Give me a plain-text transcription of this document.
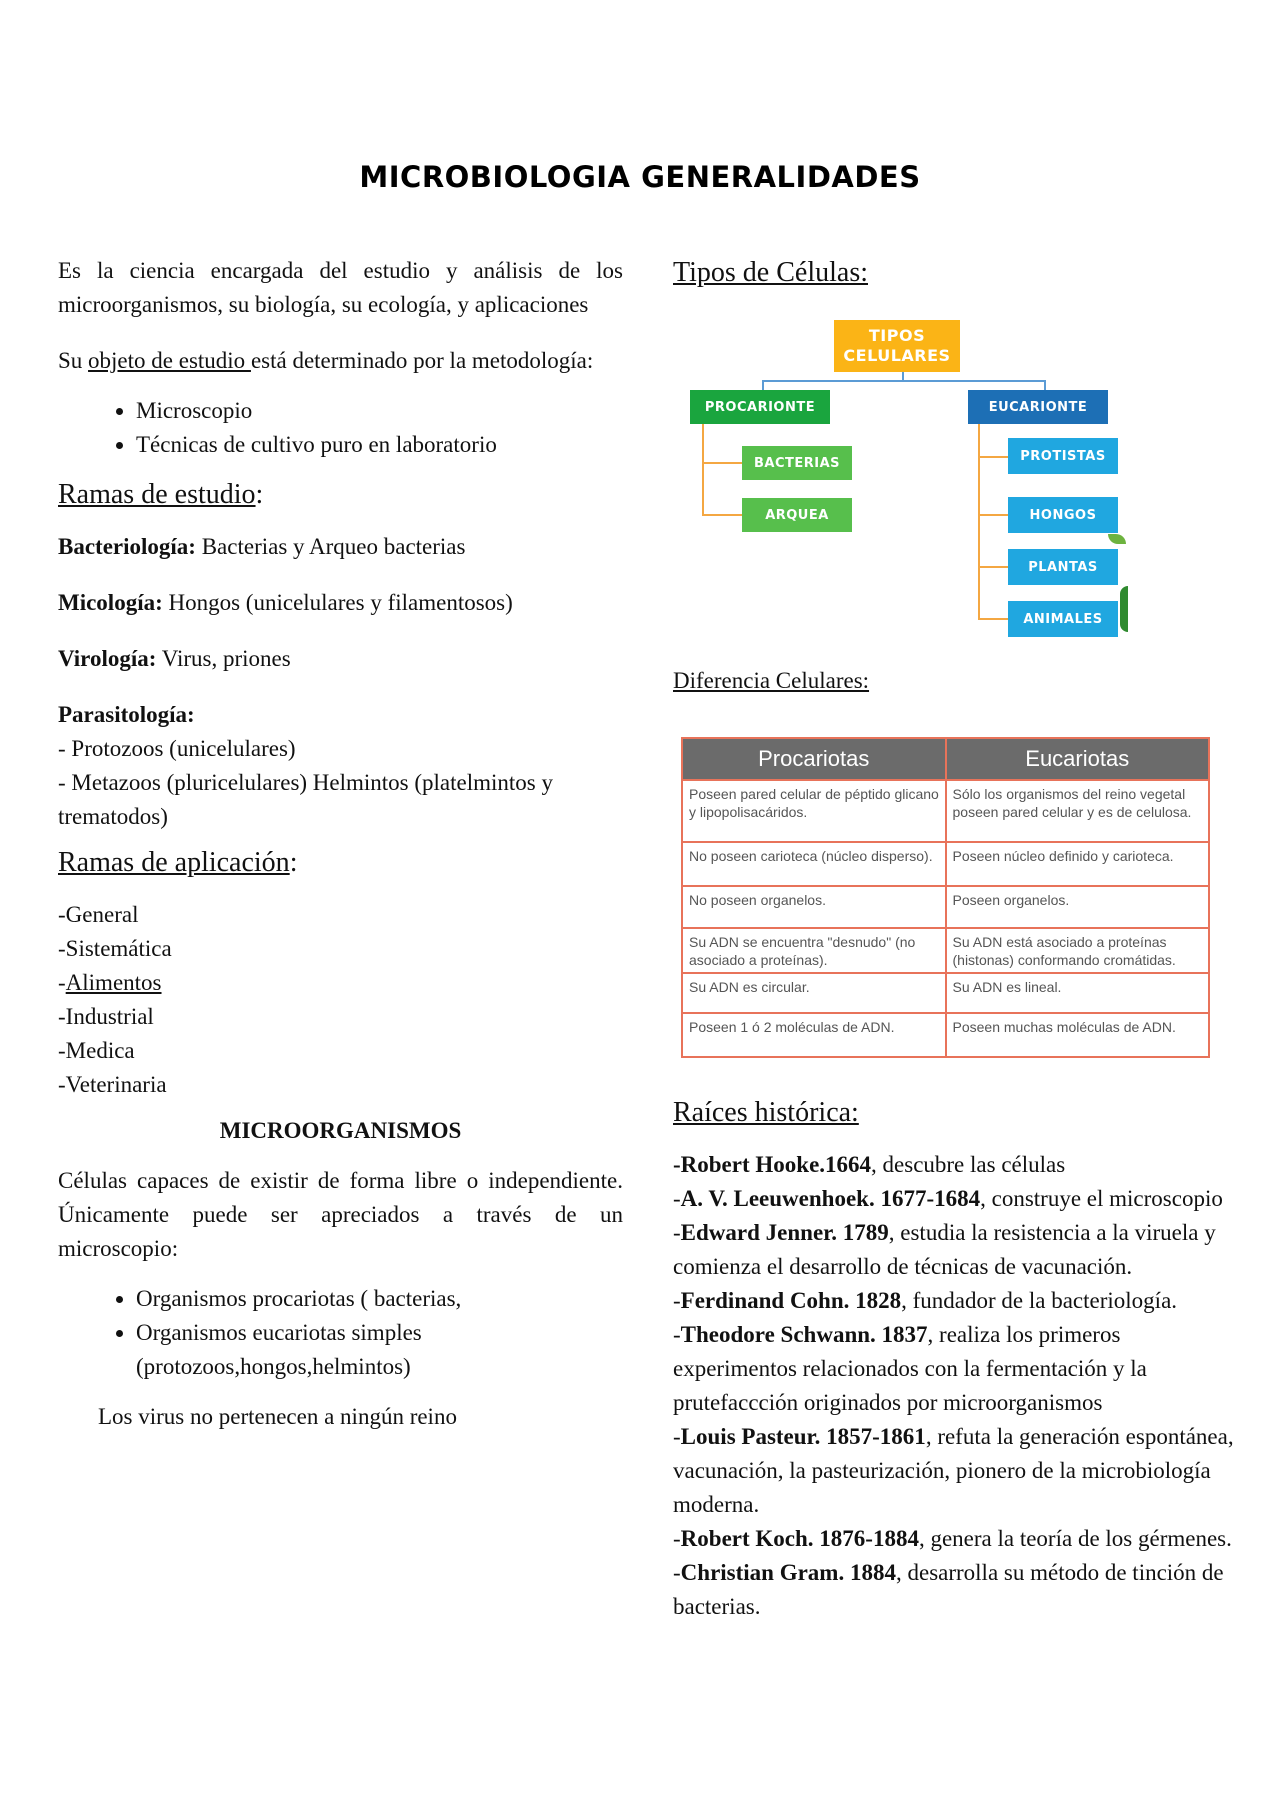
MICROBIOLOGIA GENERALIDADES

Es la ciencia encargada del estudio y análisis de los microorganismos, su biología, su ecología, y aplicaciones

Su objeto de estudio está determinado por la metodología:

• Microscopio
• Técnicas de cultivo puro en laboratorio

Ramas de estudio:

Bacteriología: Bacterias y Arqueo bacterias

Micología: Hongos (unicelulares y filamentosos)

Virología: Virus, priones

Parasitología:

- Protozoos (unicelulares)

- Metazoos (pluricelulares) Helmintos (platelmintos y trematodos)

Ramas de aplicación:

-General

-Sistemática

-Alimentos

-Industrial

-Medica

-Veterinaria

MICROORGANISMOS

Células capaces de existir de forma libre o independiente. Únicamente puede ser apreciados a través de un microscopio:

• Organismos procariotas ( bacterias,
• Organismos eucariotas simples (protozoos,hongos,helmintos)

Los virus no pertenecen a ningún reino

Tipos de Células:

TIPOS CELULARES
PROCARIONTE	EUCARIONTE
BACTERIAS
ARQUEA
PROTISTAS
HONGOS
PLANTAS
ANIMALES
Diferencia Celulares:
Procariotas	Eucariotas
Poseen pared celular de péptido glicano y lipopolisacáridos.	Sólo los organismos del reino vegetal poseen pared celular y es de celulosa.
No poseen carioteca (núcleo disperso).	Poseen núcleo definido y carioteca.
No poseen organelos.	Poseen organelos.
Su ADN se encuentra "desnudo" (no asociado a proteínas).	Su ADN está asociado a proteínas (histonas) conformando cromátidas.
Su ADN es circular.	Su ADN es lineal.
Poseen 1 ó 2 moléculas de ADN.	Poseen muchas moléculas de ADN.

Raíces histórica:

-Robert Hooke.1664, descubre las células

-A. V. Leeuwenhoek. 1677-1684, construye el microscopio

-Edward Jenner. 1789, estudia la resistencia a la viruela y comienza el desarrollo de técnicas de vacunación.

-Ferdinand Cohn. 1828, fundador de la bacteriología.

-Theodore Schwann. 1837, realiza los primeros experimentos relacionados con la fermentación y la prutefaccción originados por microorganismos

-Louis Pasteur. 1857-1861, refuta la generación espontánea, vacunación, la pasteurización, pionero de la microbiología moderna.

-Robert Koch. 1876-1884, genera la teoría de los gérmenes.

-Christian Gram. 1884, desarrolla su método de tinción de bacterias.
